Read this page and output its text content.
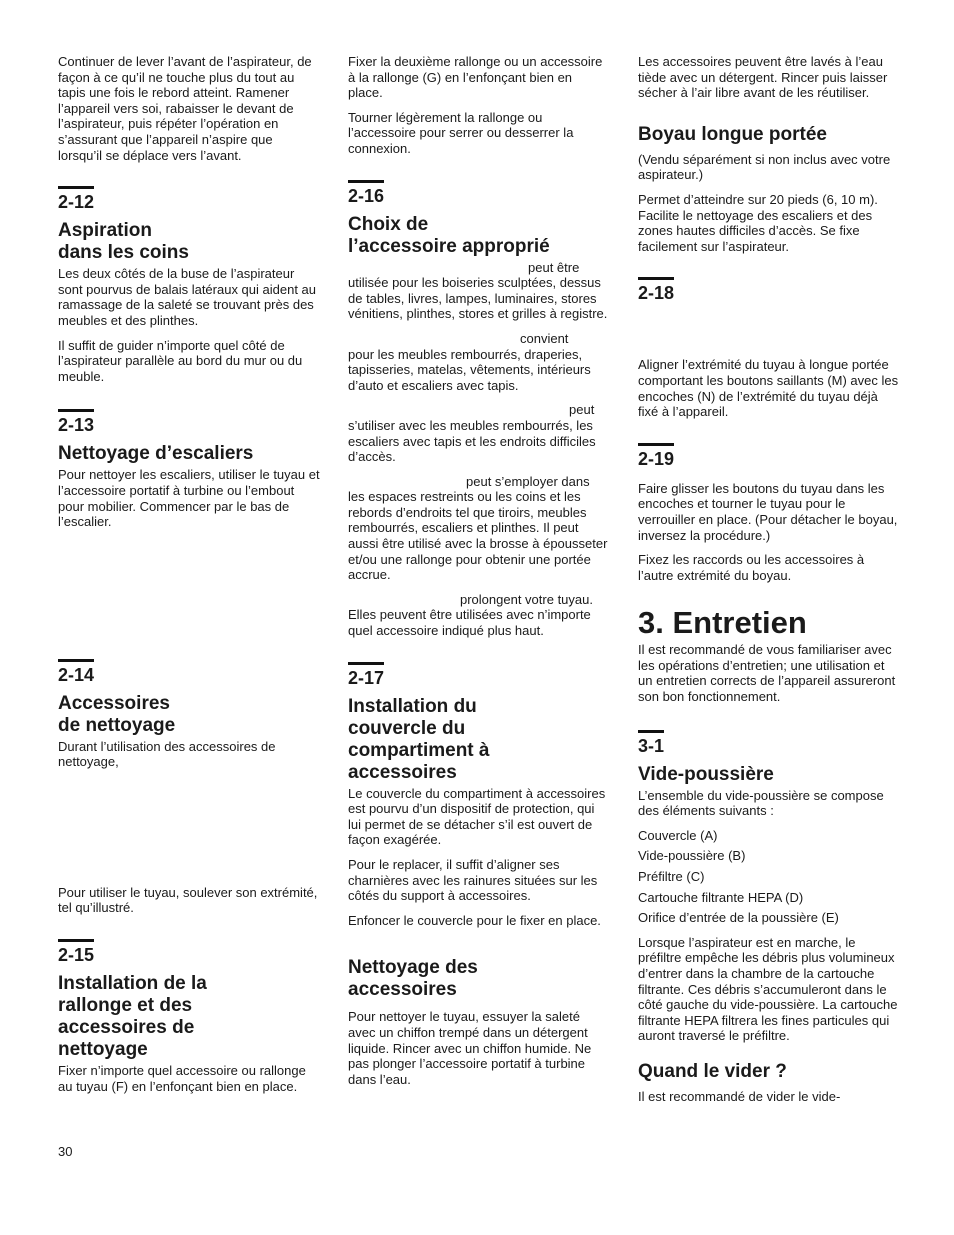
Continuer de lever l’avant de l’aspirateur, de façon à ce qu’il ne touche plus du tout au tapis une fois le rebord atteint. Ramener l’appareil vers soi, rabaisser le devant de l’aspirateur, puis répéter l’opération en s’assurant que l’appareil n’aspire que lorsqu’il se déplace vers l’avant.

2-12
Aspiration
dans les coins

Les deux côtés de la buse de l’aspirateur sont pourvus de balais latéraux qui aident au ramassage de la saleté se trouvant près des meubles et des plinthes.

Il suffit de guider n’importe quel côté de l’aspirateur parallèle au bord du mur ou du meuble.

2-13
Nettoyage d’escaliers

Pour nettoyer les escaliers, utiliser le tuyau et l’accessoire portatif à turbine ou l’embout pour mobilier. Commencer par le bas de l’escalier.

2-14
Accessoires
de nettoyage

Durant l’utilisation des accessoires de nettoyage,

Pour utiliser le tuyau, soulever son extrémité, tel qu’illustré.

2-15
Installation de la
rallonge et des
accessoires de
nettoyage

Fixer n’importe quel accessoire ou rallonge au tuyau (F) en l’enfonçant bien en place.

30

Fixer la deuxième rallonge ou un accessoire à la rallonge (G) en l’enfonçant bien en place.

Tourner légèrement la rallonge ou l’accessoire pour serrer ou desserrer la connexion.

2-16
Choix de
l’accessoire approprié

peut être
utilisée pour les boiseries sculptées, dessus de tables, livres, lampes, luminaires, stores vénitiens, plinthes, stores et grilles à registre.

convient
pour les meubles rembourrés, draperies, tapisseries, matelas, vêtements, intérieurs d’auto et escaliers avec tapis.

peut
s’utiliser avec les meubles rembourrés, les escaliers avec tapis et les endroits difficiles d’accès.

peut s’employer dans
les espaces restreints ou les coins et les rebords d’endroits tel que tiroirs, meubles rembourrés, escaliers et plinthes. Il peut aussi être utilisé avec la brosse à épousseter et/ou une rallonge pour obtenir une portée accrue.

prolongent votre tuyau.
Elles peuvent être utilisées avec n’importe quel accessoire indiqué plus haut.

2-17
Installation du
couvercle du
compartiment à
accessoires

Le couvercle du compartiment à accessoires est pourvu d’un dispositif de protection, qui lui permet de se détacher s’il est ouvert de façon exagérée.

Pour le replacer, il suffit d’aligner ses charnières avec les rainures situées sur les côtés du support à accessoires.

Enfoncer le couvercle pour le fixer en place.

Nettoyage des
accessoires

Pour nettoyer le tuyau, essuyer la saleté avec un chiffon trempé dans un détergent liquide. Rincer avec un chiffon humide. Ne pas plonger l’accessoire portatif à turbine dans l’eau.

Les accessoires peuvent être lavés à l’eau tiède avec un détergent. Rincer puis laisser sécher à l’air libre avant de les réutiliser.

Boyau longue portée

(Vendu séparément si non inclus avec votre aspirateur.)

Permet d’atteindre sur 20 pieds (6, 10 m). Facilite le nettoyage des escaliers et des zones hautes difficiles d’accès. Se fixe facilement sur l’aspirateur.

2-18

Aligner l’extrémité du tuyau à longue portée comportant les boutons saillants (M) avec les encoches (N) de l’extrémité du tuyau déjà fixé à l’appareil.

2-19

Faire glisser les boutons du tuyau dans les encoches et tourner le tuyau pour le verrouiller en place. (Pour détacher le boyau, inversez la procédure.)

Fixez les raccords ou les accessoires à l’autre extrémité du boyau.

3. Entretien

Il est recommandé de vous familiariser avec les opérations d’entretien; une utilisation et un entretien corrects de l’appareil assureront son bon fonctionnement.

3-1
Vide-poussière

L’ensemble du vide-poussière se compose des éléments suivants :

Couvercle (A)

Vide-poussière (B)

Préfiltre (C)

Cartouche filtrante HEPA (D)

Orifice d’entrée de la poussière (E)

Lorsque l’aspirateur est en marche, le préfiltre empêche les débris plus volumineux d’entrer dans la chambre de la cartouche filtrante. Ces débris s’accumuleront dans le côté gauche du vide-poussière. La cartouche filtrante HEPA filtrera les fines particules qui auront traversé le préfiltre.

Quand le vider ?

Il est recommandé de vider le vide-
